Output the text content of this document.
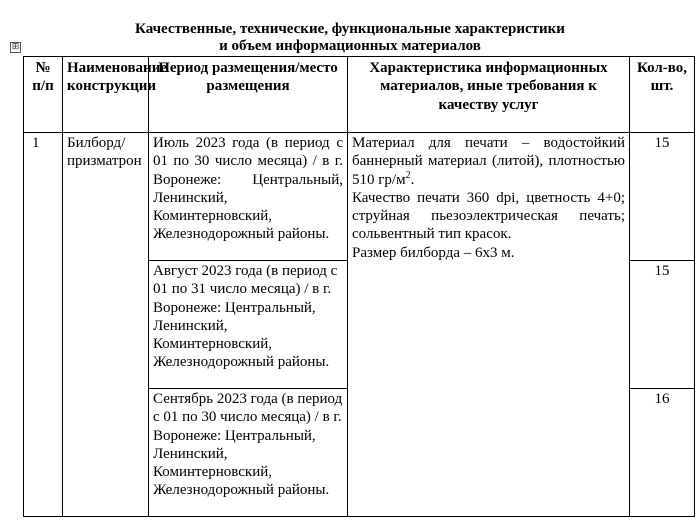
Качественные, технические, функциональные характеристики
и объем информационных материалов
⊞
№ п/п	Наименование конструкции	Период размещения/место размещения	Характеристика информационных материалов, иные требования к качеству услуг	Кол-во, шт.
1	Билборд/призматрон	Июль 2023 года (в период с 01 по 30 число месяца) / в г. Воронеже: Центральный, Ленинский, Коминтерновский, Железнодорожный районы.	Материал для печати – водостойкий баннерный материал (литой), плотностью 510 $гр/м^2$.

Качество печати 360 dpi, цветность 4+0; струйная пьезоэлектрическая печать; сольвентный тип красок.

Размер билборда – 6х3 м.	15
		Август 2023 года (в период с 01 по 31 число месяца) / в г. Воронеже: Центральный, Ленинский, Коминтерновский, Железнодорожный районы.		15
		Сентябрь 2023 года (в период с 01 по 30 число месяца) / в г. Воронеже: Центральный, Ленинский, Коминтерновский, Железнодорожный районы.		16
